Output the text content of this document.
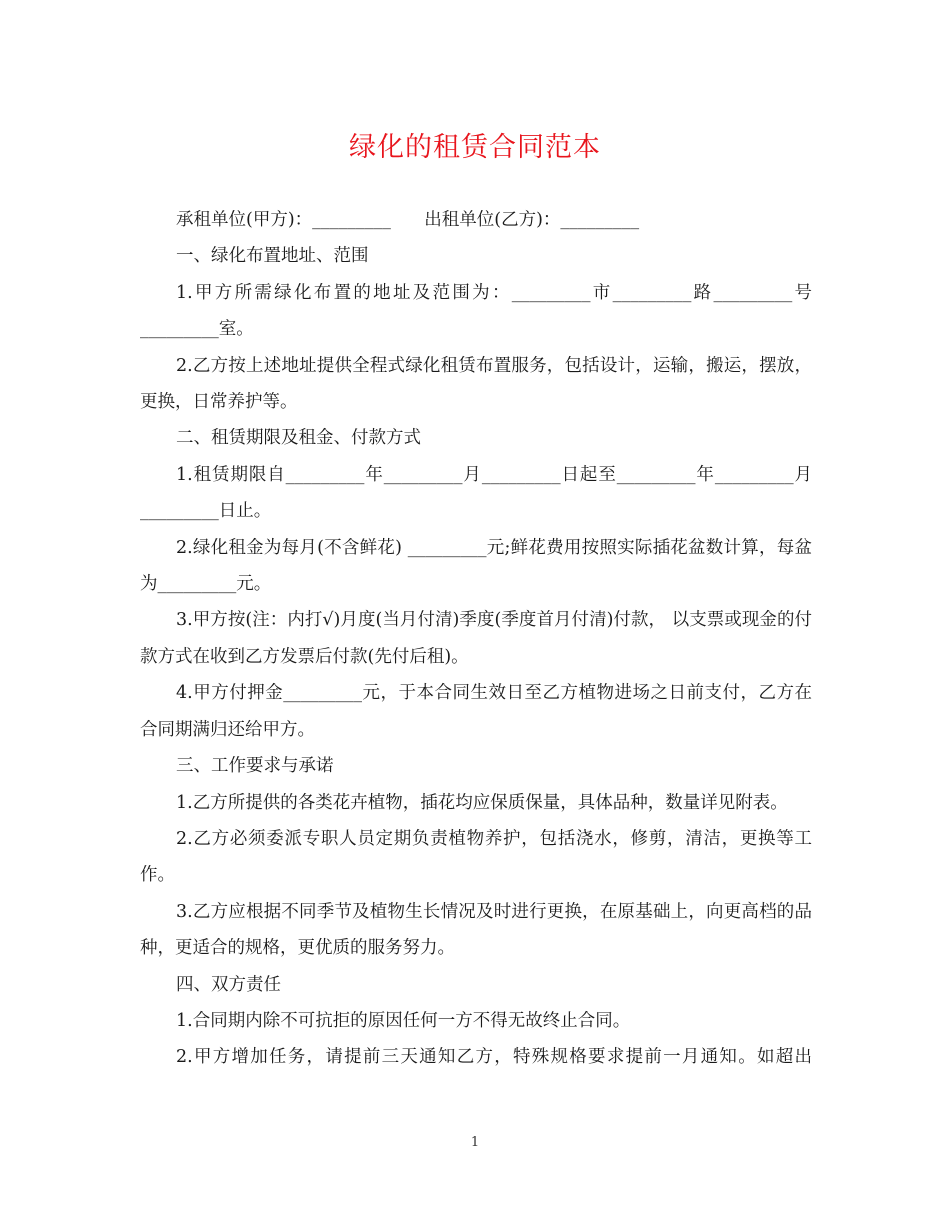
绿化的租赁合同范本

承租单位(甲方)：_________      出租单位(乙方)：_________

一、绿化布置地址、范围

1.甲方所需绿化布置的地址及范围为：_________市_________路_________号_________室。

2.乙方按上述地址提供全程式绿化租赁布置服务，包括设计，运输，搬运，摆放，更换，日常养护等。

二、租赁期限及租金、付款方式

1.租赁期限自_________年_________月_________日起至_________年_________月_________日止。

2.绿化租金为每月(不含鲜花) _________元;鲜花费用按照实际插花盆数计算，每盆为_________元。

3.甲方按(注：内打√)月度(当月付清)季度(季度首月付清)付款， 以支票或现金的付款方式在收到乙方发票后付款(先付后租)。

4.甲方付押金_________元，于本合同生效日至乙方植物进场之日前支付，乙方在合同期满归还给甲方。

三、工作要求与承诺

1.乙方所提供的各类花卉植物，插花均应保质保量，具体品种，数量详见附表。

2.乙方必须委派专职人员定期负责植物养护，包括浇水，修剪，清洁，更换等工作。

3.乙方应根据不同季节及植物生长情况及时进行更换，在原基础上，向更高档的品种，更适合的规格，更优质的服务努力。

四、双方责任

1.合同期内除不可抗拒的原因任何一方不得无故终止合同。

2.甲方增加任务，请提前三天通知乙方，特殊规格要求提前一月通知。如超出

1
